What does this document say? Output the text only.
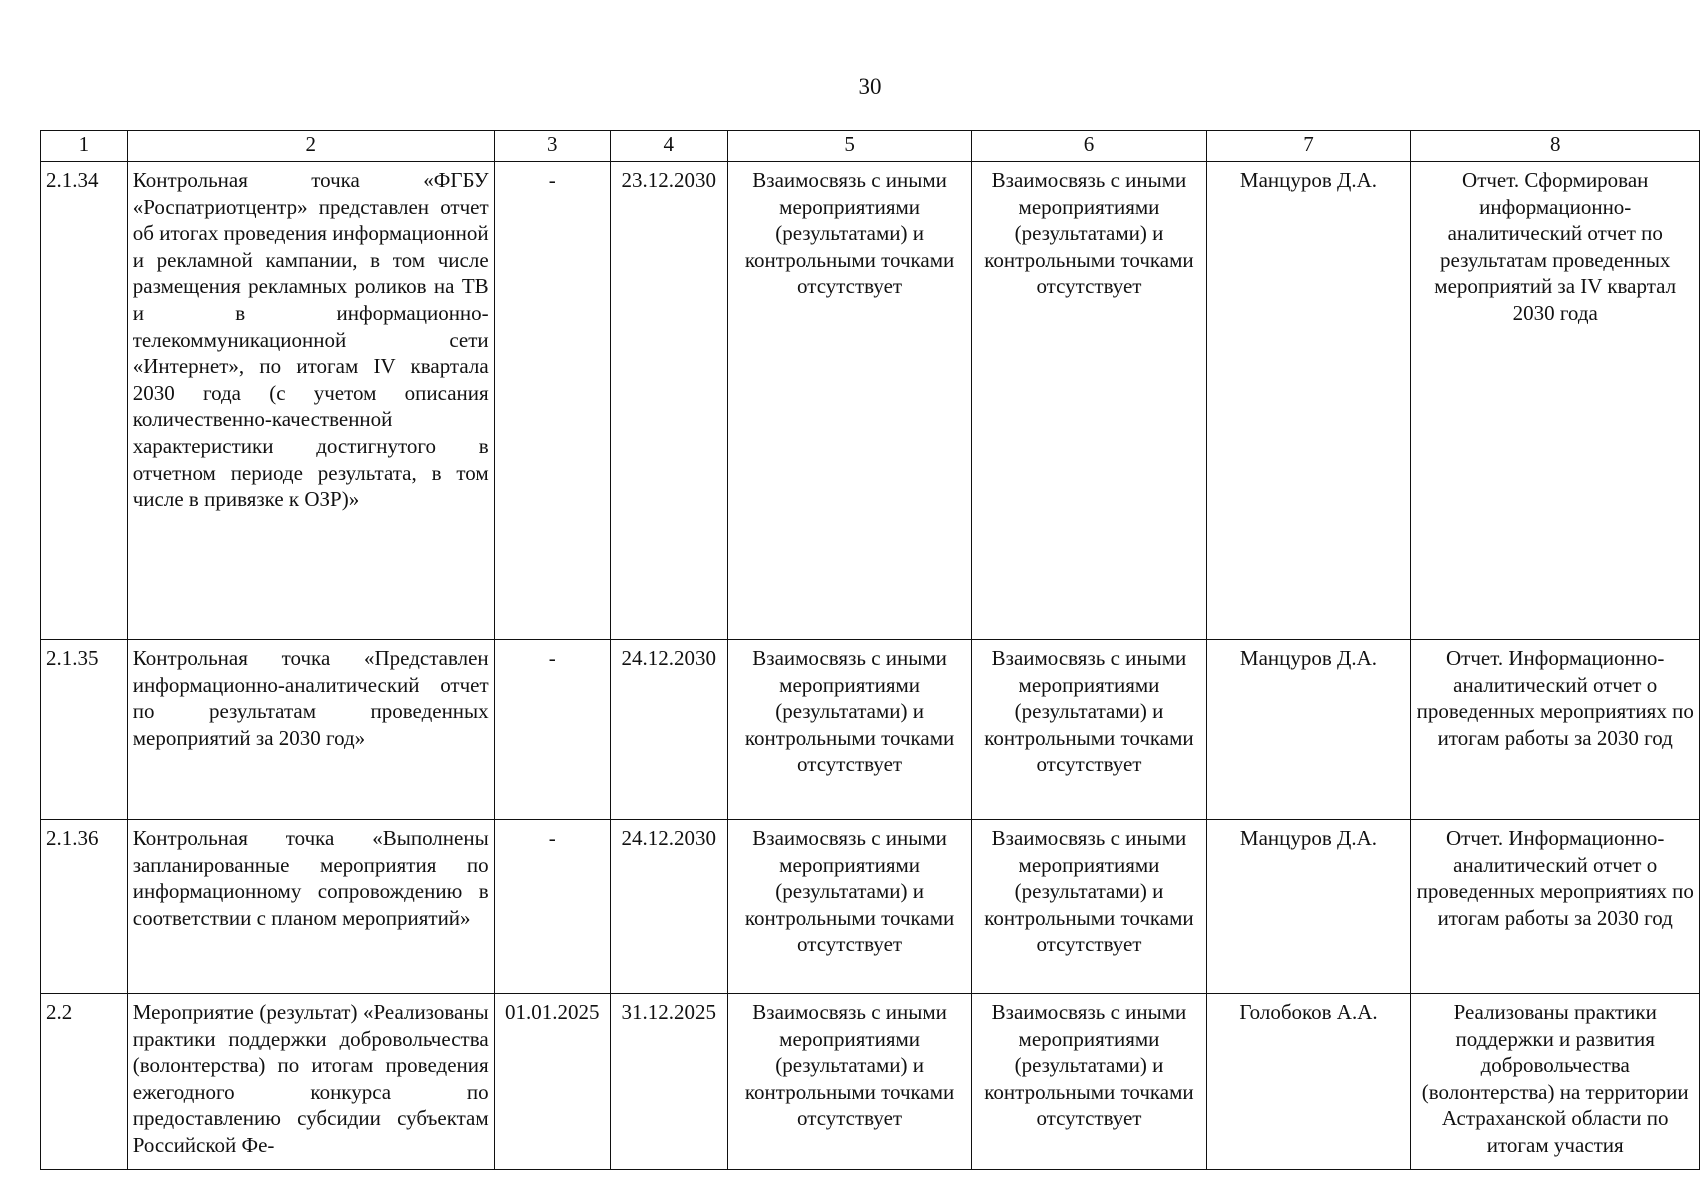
30
1	2	3	4	5	6	7	8
2.1.34	Контрольная точка «ФГБУ «Роспатриотцентр» представлен отчет об итогах проведения информационной и рекламной кампании, в том числе размещения рекламных роликов на ТВ и в информационно-телекоммуникационной сети «Интернет», по итогам IV квартала 2030 года (с учетом описания количественно-качественной характеристики достигнутого в отчетном периоде результата, в том числе в привязке к ОЗР)»	-	23.12.2030	Взаимосвязь с иными мероприятиями (результатами) и контрольными точками отсутствует	Взаимосвязь с иными мероприятиями (результатами) и контрольными точками отсутствует	Манцуров Д.А.	Отчет. Сформирован информационно-аналитический отчет по результатам проведенных мероприятий за IV квартал 2030 года
2.1.35	Контрольная точка «Представлен информационно-аналитический отчет по результатам проведенных мероприятий за 2030 год»	-	24.12.2030	Взаимосвязь с иными мероприятиями (результатами) и контрольными точками отсутствует	Взаимосвязь с иными мероприятиями (результатами) и контрольными точками отсутствует	Манцуров Д.А.	Отчет. Информационно-аналитический отчет о проведенных мероприятиях по итогам работы за 2030 год
2.1.36	Контрольная точка «Выполнены запланированные мероприятия по информационному сопровождению в соответствии с планом мероприятий»	-	24.12.2030	Взаимосвязь с иными мероприятиями (результатами) и контрольными точками отсутствует	Взаимосвязь с иными мероприятиями (результатами) и контрольными точками отсутствует	Манцуров Д.А.	Отчет. Информационно-аналитический отчет о проведенных мероприятиях по итогам работы за 2030 год
2.2	Мероприятие (результат) «Реализованы практики поддержки добровольчества (волонтерства) по итогам проведения ежегодного конкурса по предоставлению субсидии субъектам Российской Фе-	01.01.2025	31.12.2025	Взаимосвязь с иными мероприятиями (результатами) и контрольными точками отсутствует	Взаимосвязь с иными мероприятиями (результатами) и контрольными точками отсутствует	Голобоков А.А.	Реализованы практики поддержки и развития добровольчества (волонтерства) на территории Астраханской области по итогам участия
